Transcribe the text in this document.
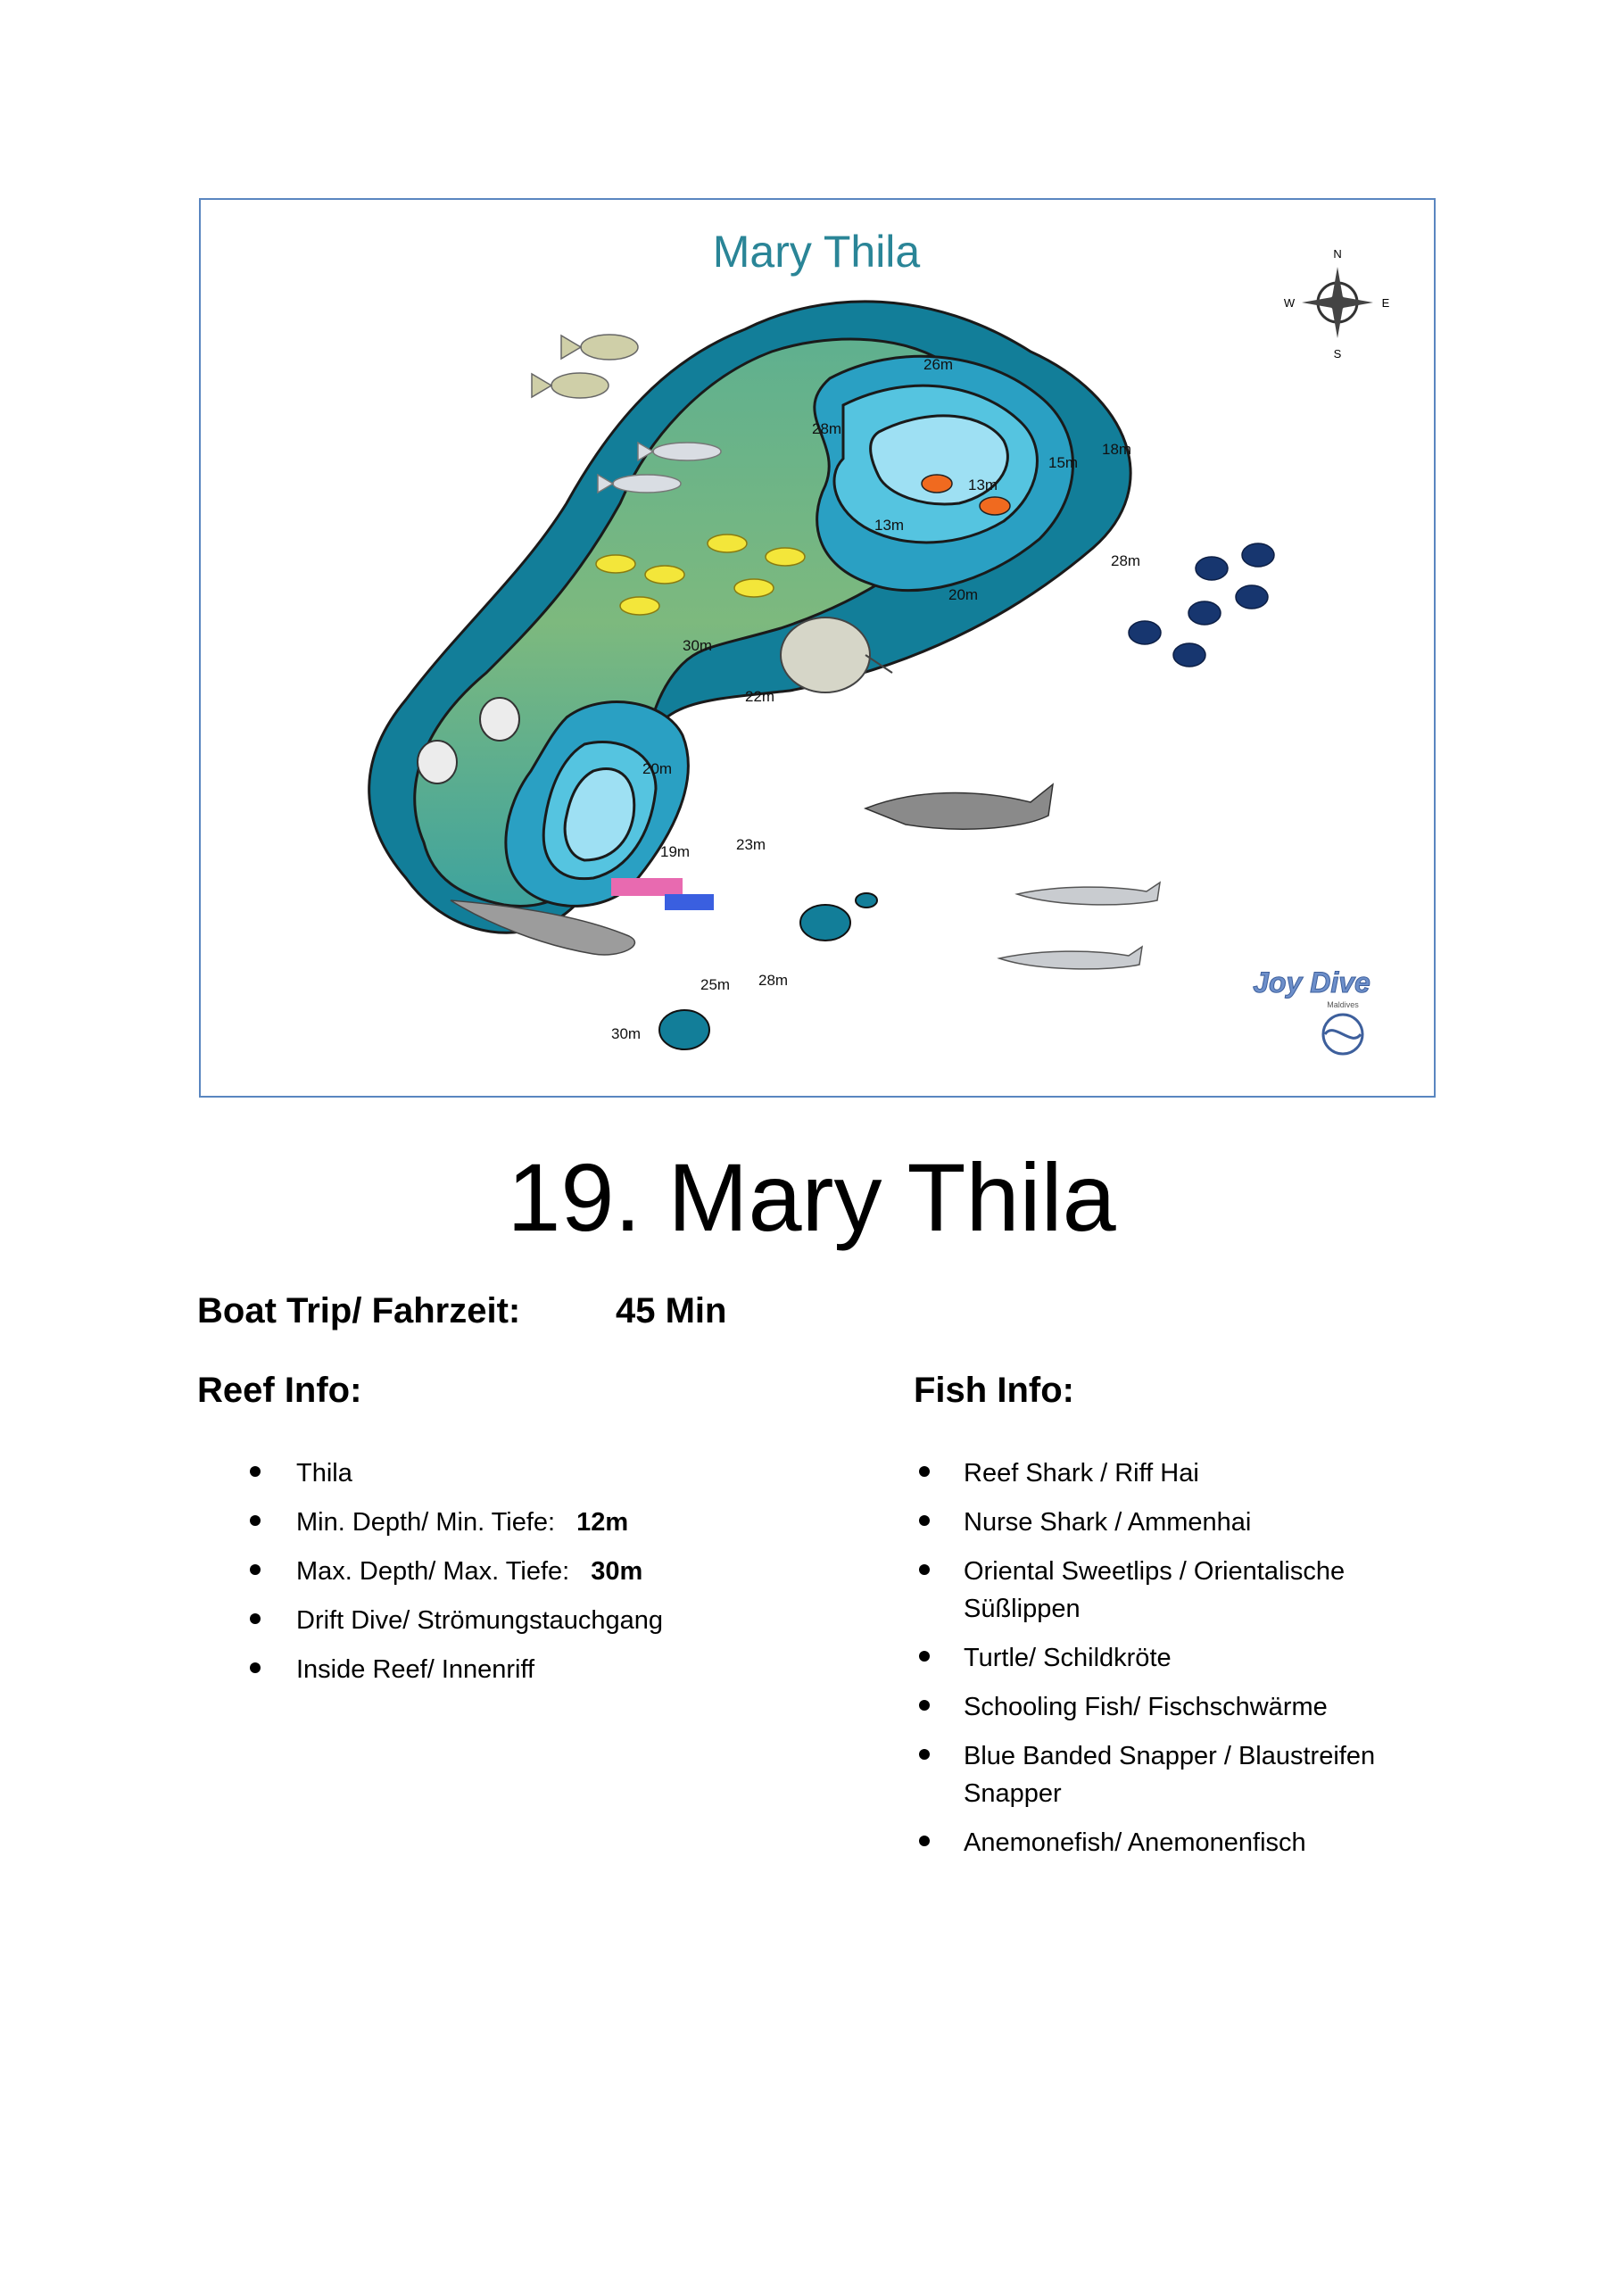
Mary Thila	N
S
E
W
26m
28m
18m
15m
13m
13m
28m
20m
30m
22m
20m
19m	23m
25m 28m
30m
Joy Dive
Maldives
19. Mary Thila
Boat Trip/ Fahrzeit:	45 Min
Reef Info:	Fish Info:
Thila
Min. Depth/ Min. Tiefe: 12m
Max. Depth/ Max. Tiefe: 30m
Drift Dive/ Strömungstauchgang
Inside Reef/ Innenriff
Reef Shark / Riff Hai
Nurse Shark / Ammenhai
Oriental Sweetlips / Orientalische Süßlippen
Turtle/ Schildkröte
Schooling Fish/ Fischschwärme
Blue Banded Snapper / Blaustreifen Snapper
Anemonefish/ Anemonenfisch
